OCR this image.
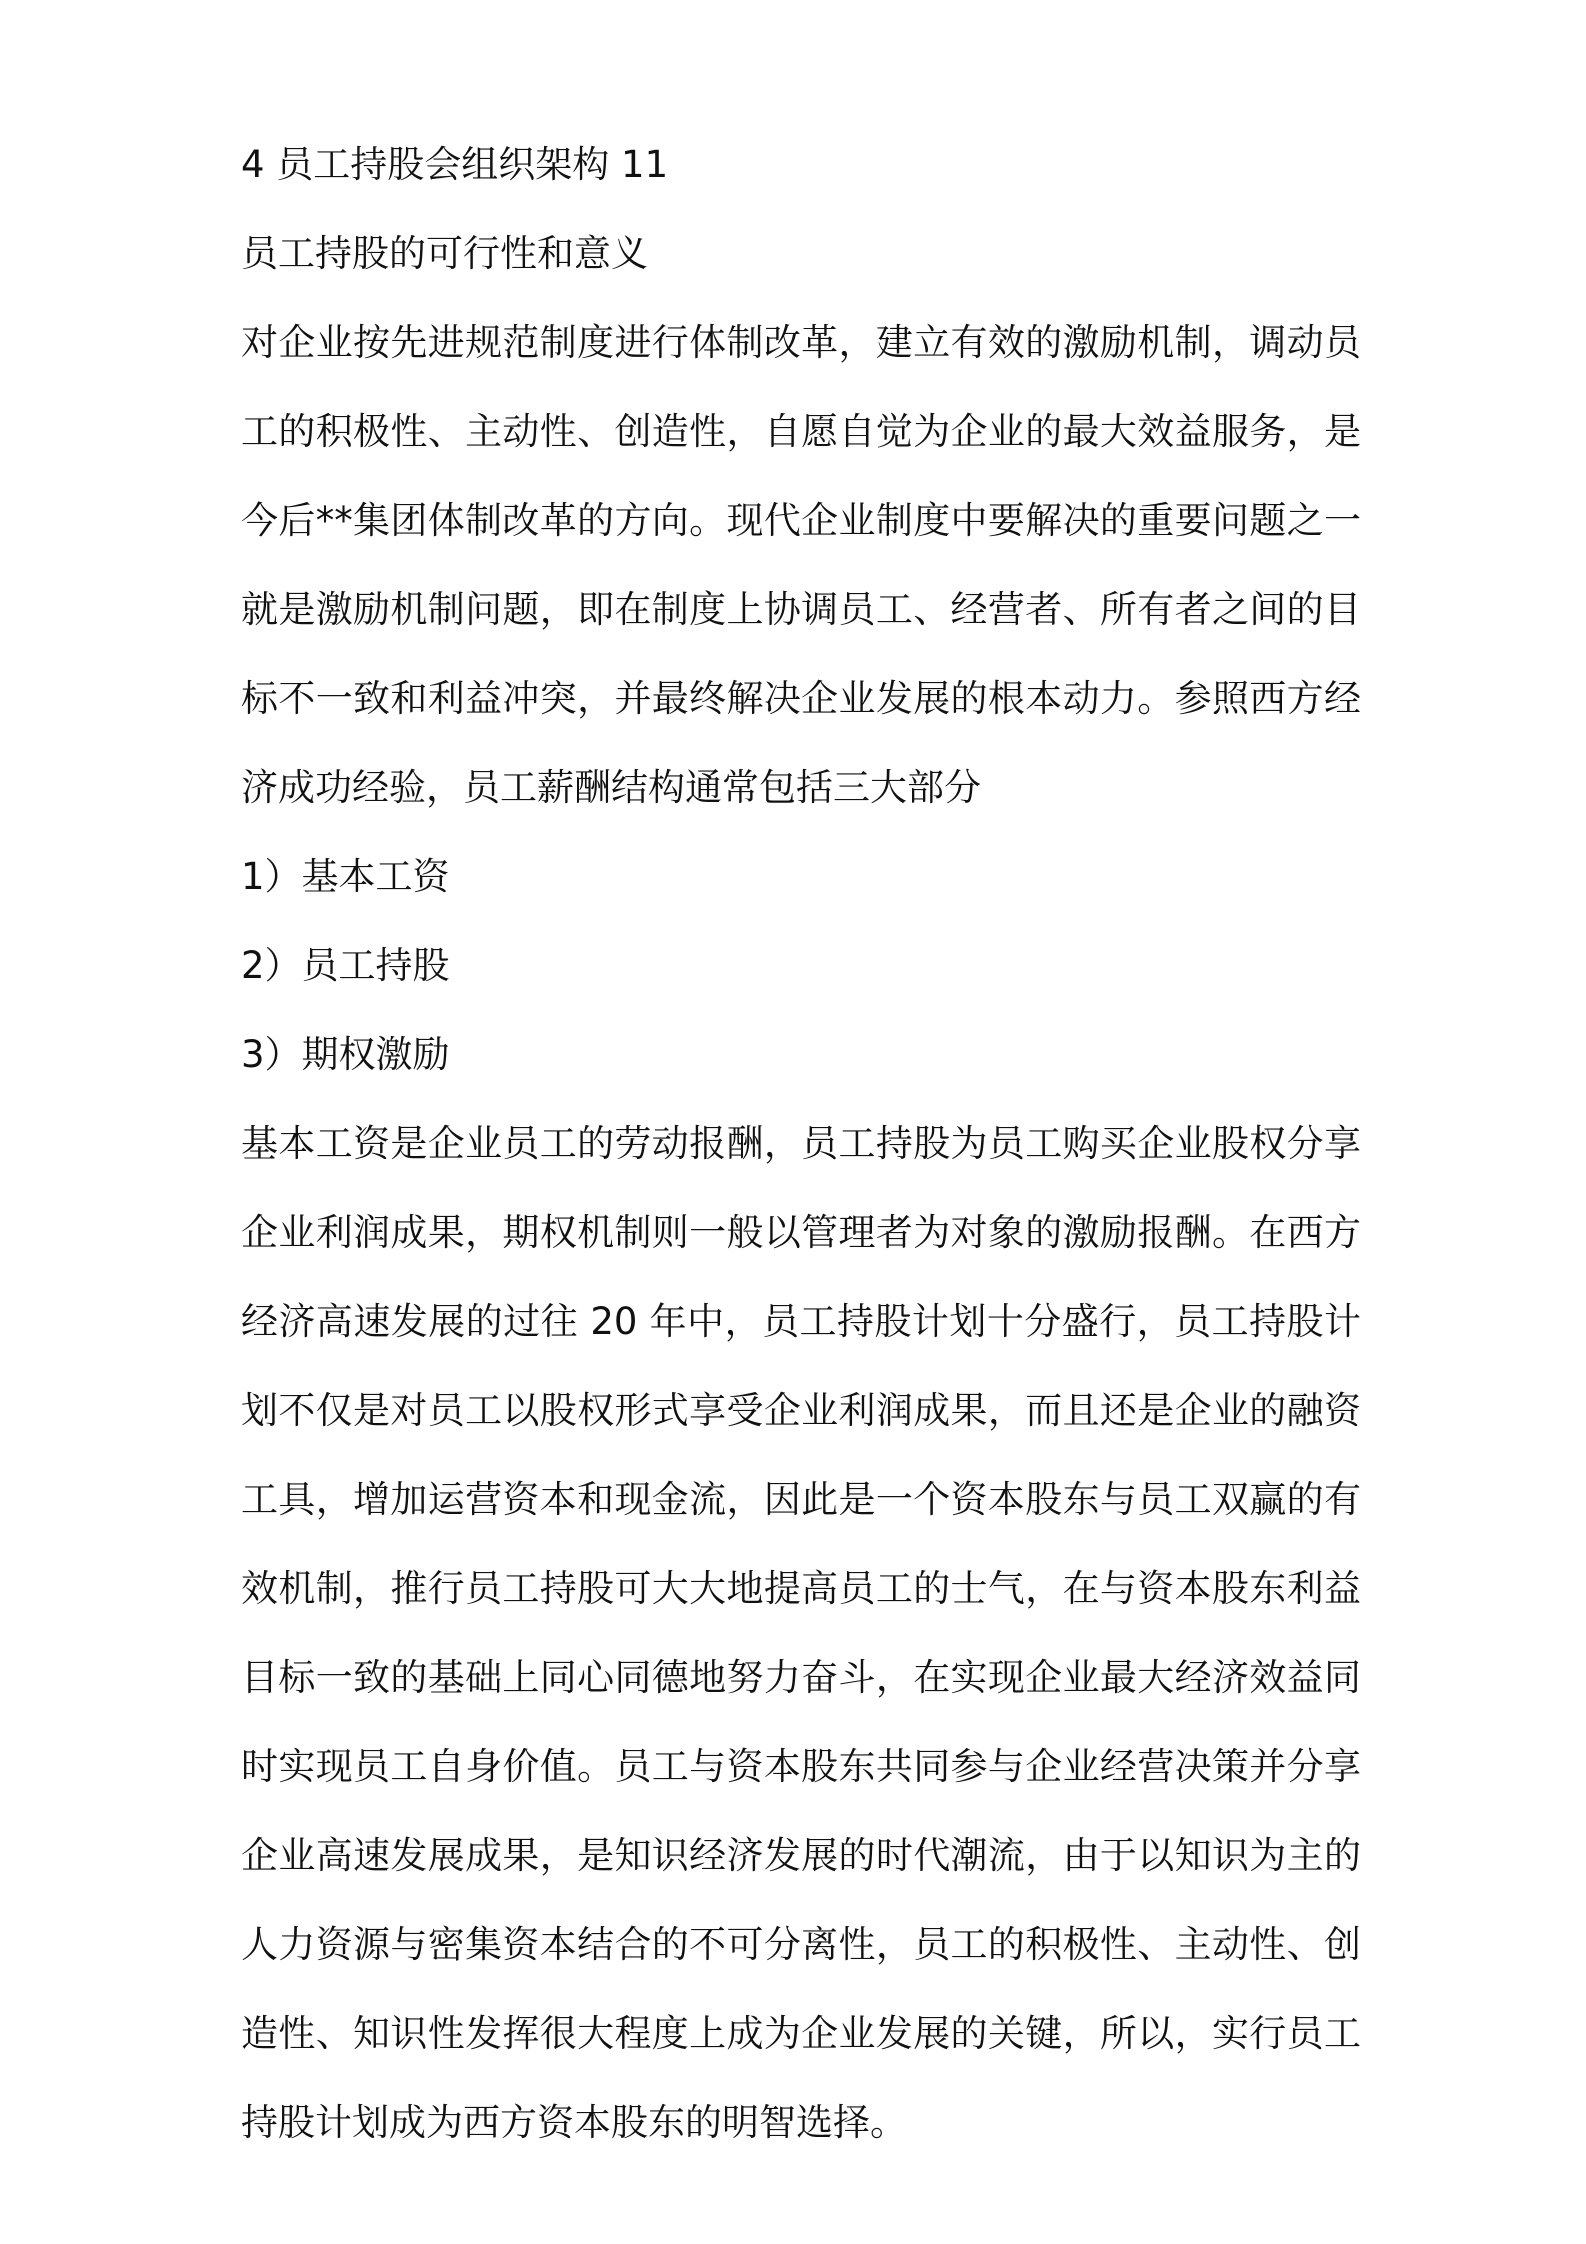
4 员工持股会组织架构 11
员工持股的可行性和意义
对企业按先进规范制度进行体制改革，建立有效的激励机制，调动员
工的积极性、主动性、创造性，自愿自觉为企业的最大效益服务，是
今后**集团体制改革的方向。现代企业制度中要解决的重要问题之一
就是激励机制问题，即在制度上协调员工、经营者、所有者之间的目
标不一致和利益冲突，并最终解决企业发展的根本动力。参照西方经
济成功经验，员工薪酬结构通常包括三大部分
1）基本工资
2）员工持股
3）期权激励
基本工资是企业员工的劳动报酬，员工持股为员工购买企业股权分享
企业利润成果，期权机制则一般以管理者为对象的激励报酬。在西方
经济高速发展的过往 20 年中，员工持股计划十分盛行，员工持股计
划不仅是对员工以股权形式享受企业利润成果，而且还是企业的融资
工具，增加运营资本和现金流，因此是一个资本股东与员工双赢的有
效机制，推行员工持股可大大地提高员工的士气，在与资本股东利益
目标一致的基础上同心同德地努力奋斗，在实现企业最大经济效益同
时实现员工自身价值。员工与资本股东共同参与企业经营决策并分享
企业高速发展成果，是知识经济发展的时代潮流，由于以知识为主的
人力资源与密集资本结合的不可分离性，员工的积极性、主动性、创
造性、知识性发挥很大程度上成为企业发展的关键，所以，实行员工
持股计划成为西方资本股东的明智选择。
